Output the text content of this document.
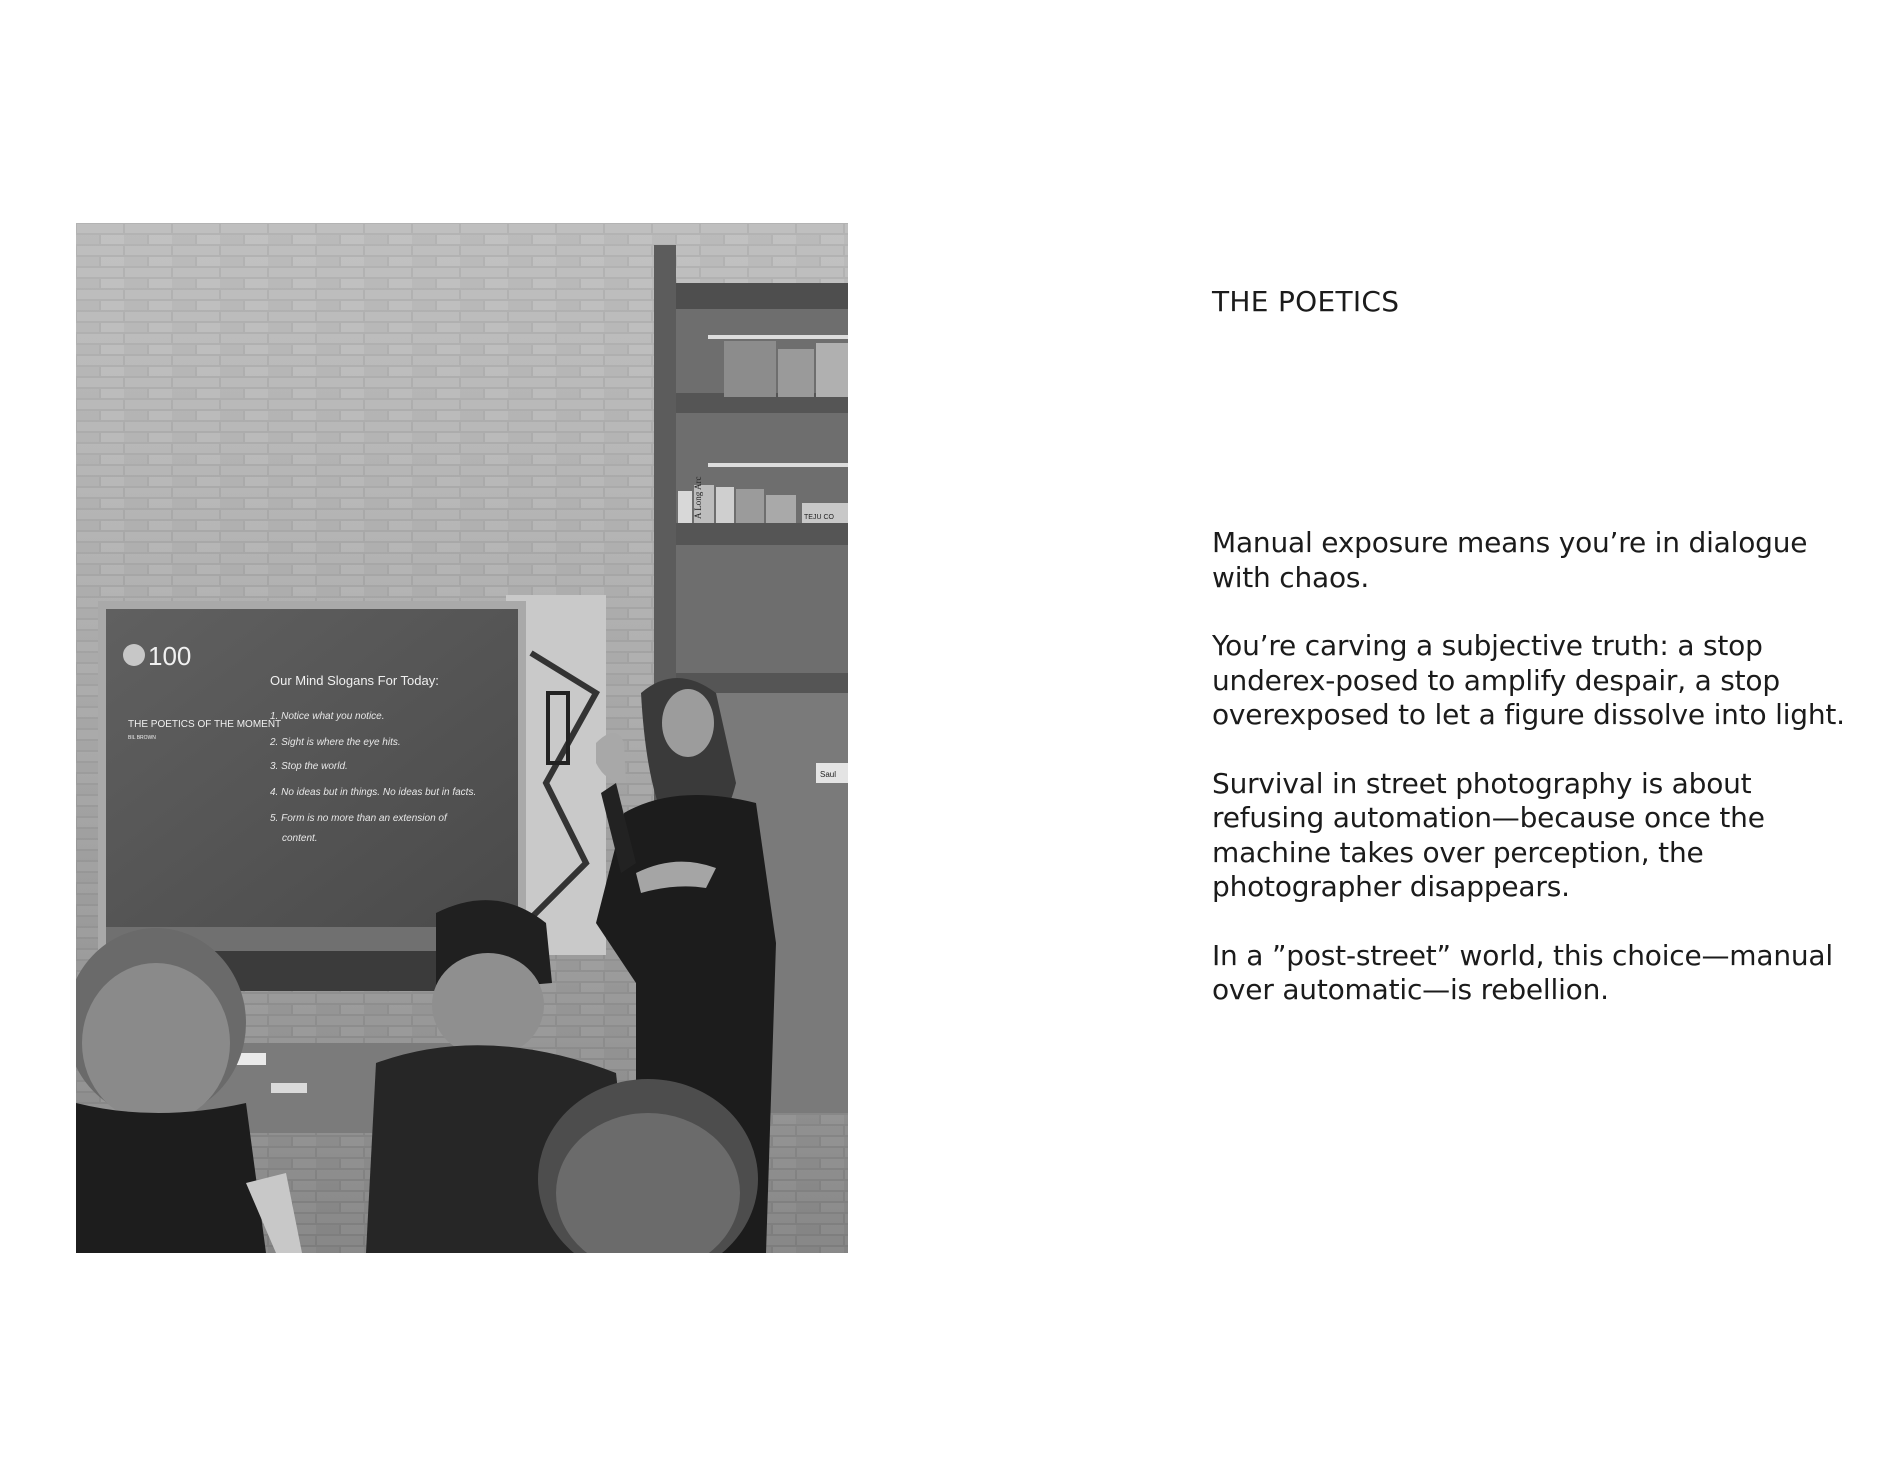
A Long Arc	TEJU CO
Saul
100
THE POETICS OF THE MOMENT
BIL BROWN
Our Mind Slogans For Today:
1. Notice what you notice.
2. Sight is where the eye hits.
3. Stop the world.
4. No ideas but in things. No ideas but in facts.
5. Form is no more than an extension of
content.
THE POETICS

Manual exposure means you’re in dialogue with chaos.

You’re carving a subjective truth: a stop underex-posed to amplify despair, a stop overexposed to let a figure dissolve into light.

Survival in street photography is about refusing automation—because once the machine takes over perception, the photographer disappears.

In a ”post-street” world, this choice—manual over automatic—is rebellion.
